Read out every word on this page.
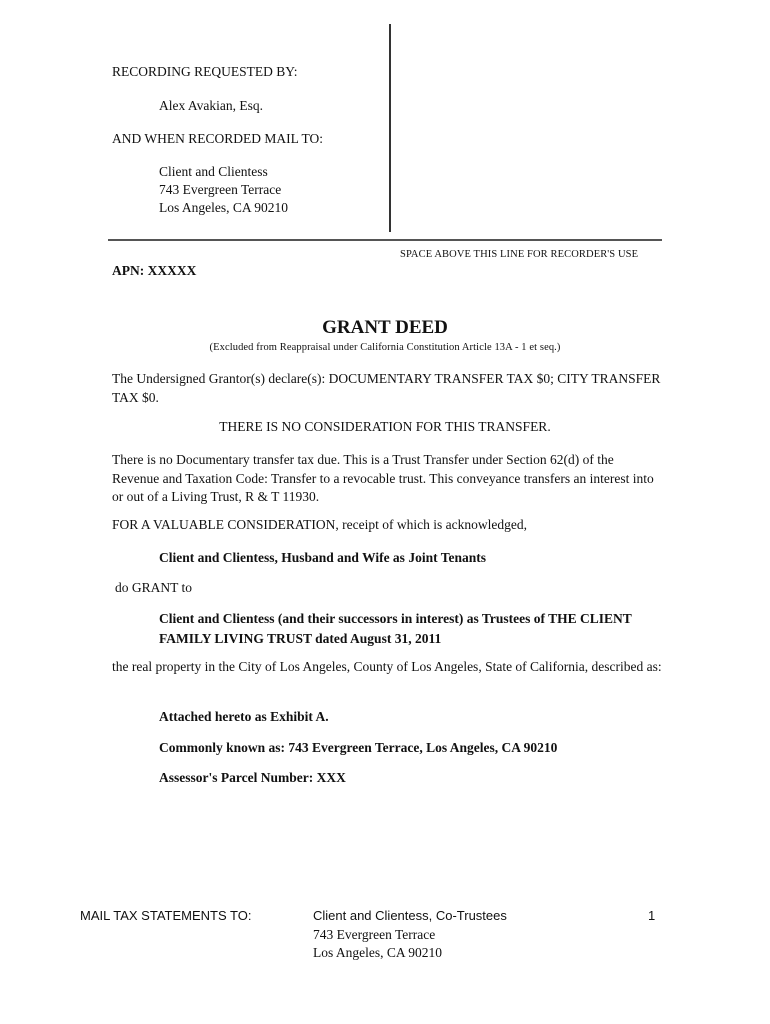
RECORDING REQUESTED BY:
Alex Avakian, Esq.
AND WHEN RECORDED MAIL TO:
Client and Clientess
743 Evergreen Terrace
Los Angeles, CA 90210
SPACE ABOVE THIS LINE FOR RECORDER'S USE
APN: XXXXX
GRANT DEED
(Excluded from Reappraisal under California Constitution Article 13A - 1 et seq.)
The Undersigned Grantor(s) declare(s): DOCUMENTARY TRANSFER TAX $0; CITY TRANSFER TAX $0.
THERE IS NO CONSIDERATION FOR THIS TRANSFER.
There is no Documentary transfer tax due. This is a Trust Transfer under Section 62(d) of the Revenue and Taxation Code: Transfer to a revocable trust. This conveyance transfers an interest into or out of a Living Trust, R & T 11930.
FOR A VALUABLE CONSIDERATION, receipt of which is acknowledged,
Client and Clientess, Husband and Wife as Joint Tenants
do GRANT to
Client and Clientess (and their successors in interest) as Trustees of THE CLIENT FAMILY LIVING TRUST dated August 31, 2011
the real property in the City of Los Angeles, County of Los Angeles, State of California, described as:
Attached hereto as Exhibit A.
Commonly known as: 743 Evergreen Terrace, Los Angeles, CA 90210
Assessor's Parcel Number: XXX
MAIL TAX STATEMENTS TO:	Client and Clientess, Co-Trustees	1
743 Evergreen Terrace
Los Angeles, CA 90210
